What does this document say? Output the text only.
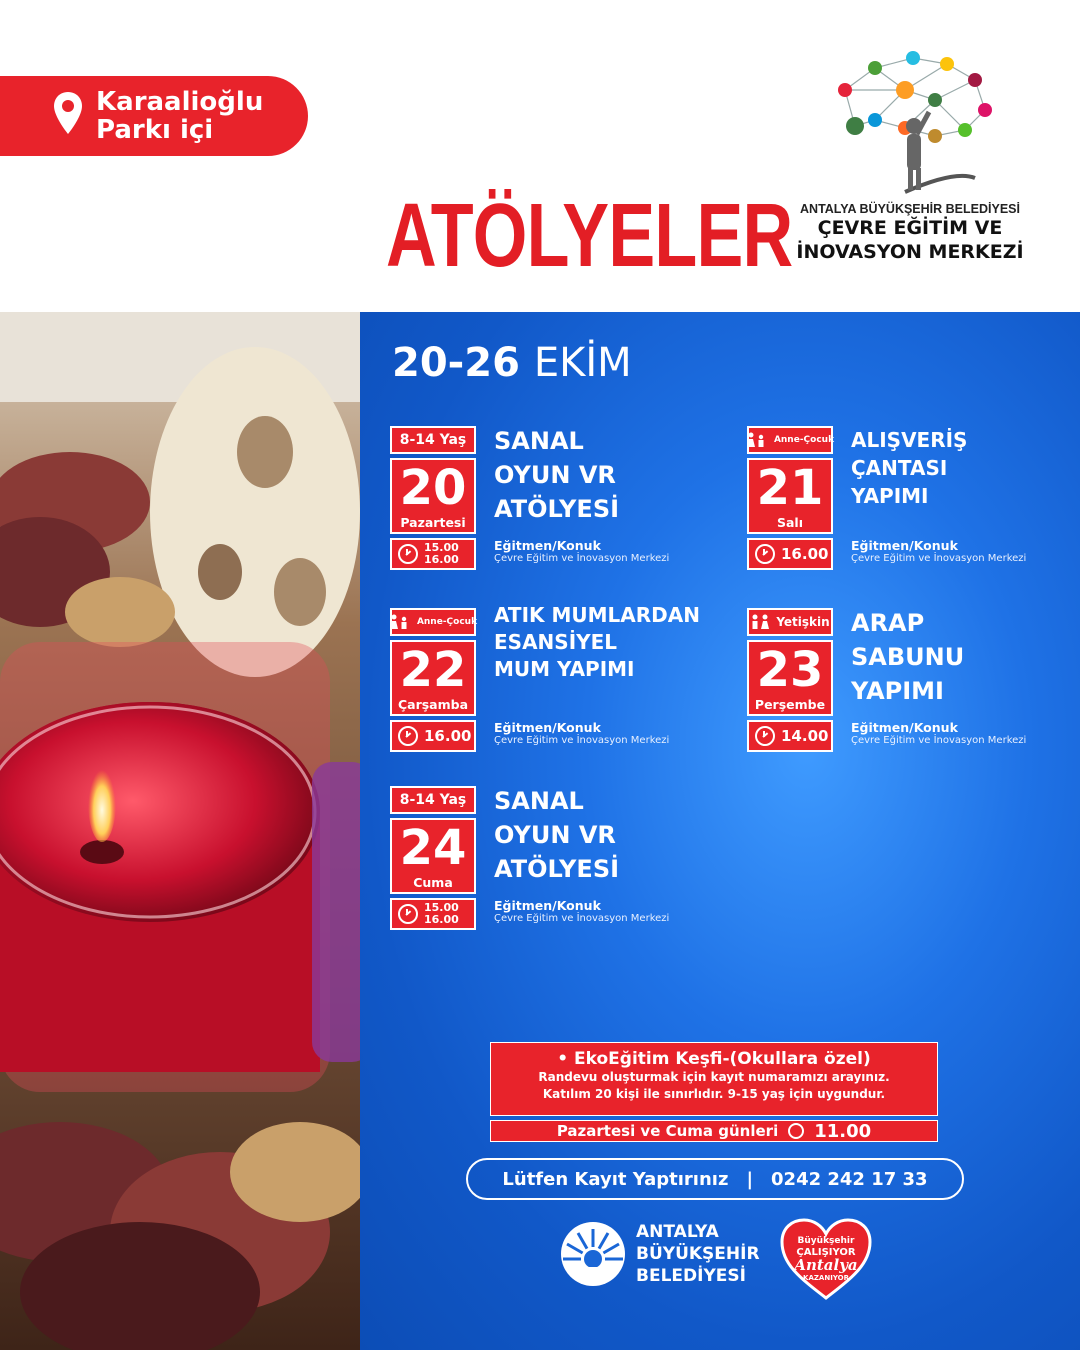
Karaalioğlu
Parkı içi
ATÖLYELER ANTALYA BÜYÜKŞEHİR BELEDİYESİ
ÇEVRE EĞİTİM VE
İNOVASYON MERKEZİ
20-26 EKİM
8-14 Yaş
20
Pazartesi
15.00
16.00
SANAL
OYUN VR
ATÖLYESİ
Eğitmen/Konuk
Çevre Eğitim ve İnovasyon Merkezi
Anne-Çocuk
21
Salı
16.00
ALIŞVERİŞ
ÇANTASI
YAPIMI
Eğitmen/Konuk
Çevre Eğitim ve İnovasyon Merkezi
Anne-Çocuk
22
Çarşamba
16.00
ATIK MUMLARDAN
ESANSİYEL
MUM YAPIMI
Eğitmen/Konuk
Çevre Eğitim ve İnovasyon Merkezi
Yetişkin
23
Perşembe
14.00
ARAP
SABUNU
YAPIMI
Eğitmen/Konuk
Çevre Eğitim ve İnovasyon Merkezi
8-14 Yaş
24
Cuma
15.00
16.00
SANAL
OYUN VR
ATÖLYESİ
Eğitmen/Konuk
Çevre Eğitim ve İnovasyon Merkezi
• EkoEğitim Keşfi-(Okullara özel)
Randevu oluşturmak için kayıt numaramızı arayınız.
Katılım 20 kişi ile sınırlıdır. 9-15 yaş için uygundur.
Pazartesi ve Cuma günleri 11.00
Lütfen Kayıt Yaptırınız | 0242 242 17 33
ANTALYA
BÜYÜKŞEHİR
BELEDİYESİ
Büyükşehir
ÇALIŞIYOR
Antalya
KAZANIYOR
